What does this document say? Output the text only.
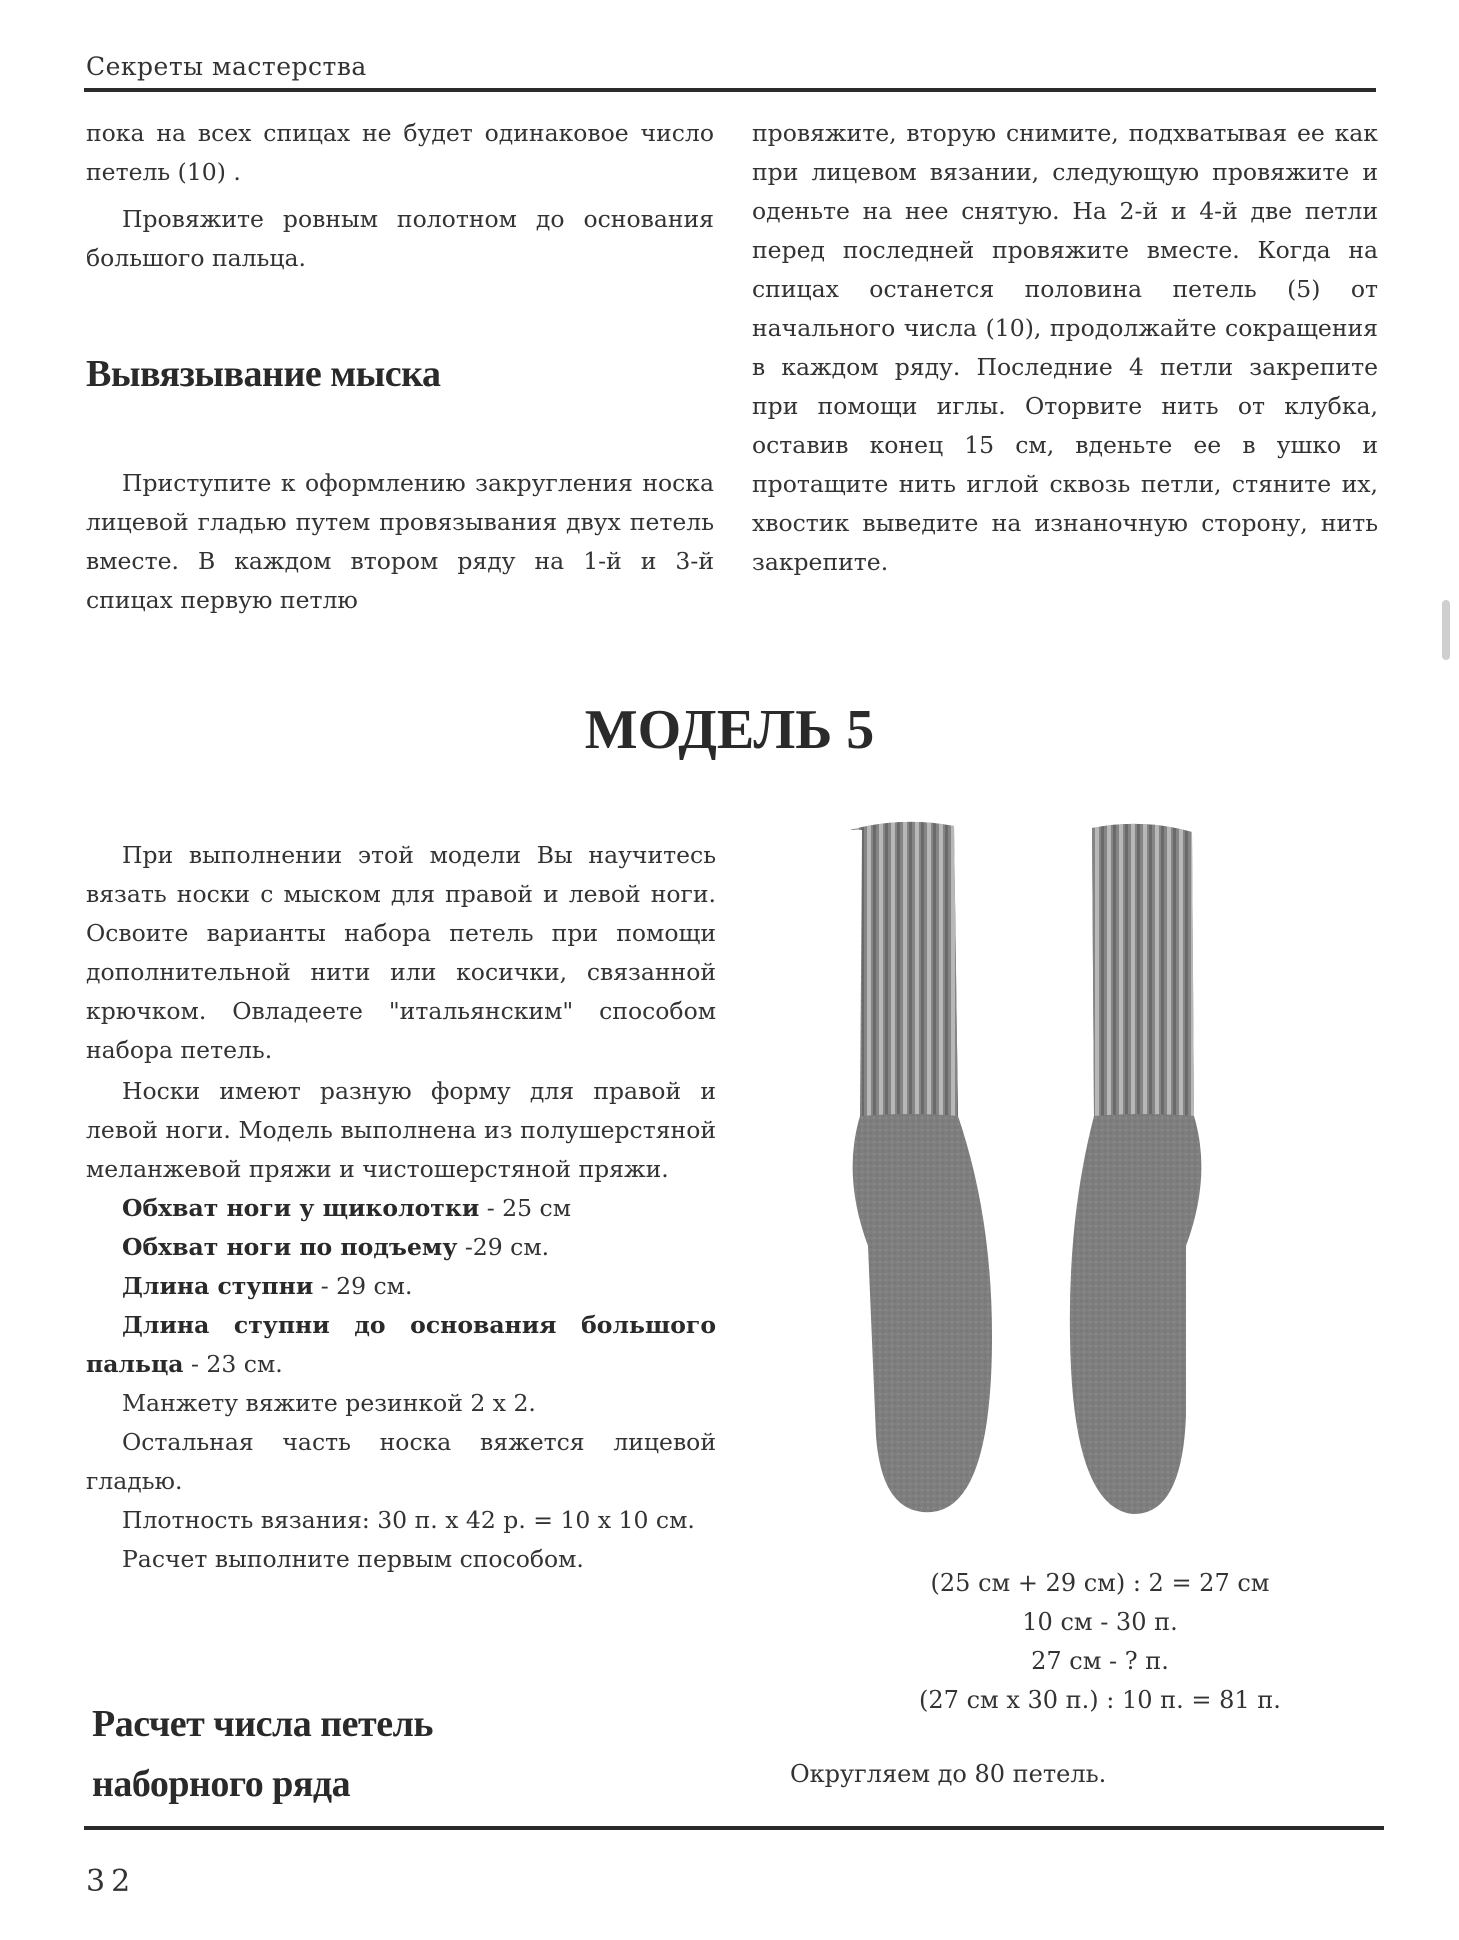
Секреты мастерства

пока на всех спицах не будет одинаковое число петель (10) .

Провяжите ровным полотном до основания большого пальца.

Вывязывание мыска

Приступите к оформлению закругления носка лицевой гладью путем провязывания двух петель вместе. В каждом втором ряду на 1-й и 3-й спицах первую петлю

провяжите, вторую снимите, подхватывая ее как при лицевом вязании, следующую провяжите и оденьте на нее снятую. На 2-й и 4-й две петли перед последней провяжите вместе. Когда на спицах останется половина петель (5) от начального числа (10), продолжайте сокращения в каждом ряду. Последние 4 петли закрепите при помощи иглы. Оторвите нить от клубка, оставив конец 15 см, вденьте ее в ушко и протащите нить иглой сквозь петли, стяните их, хвостик выведите на изнаночную сторону, нить закрепите.

МОДЕЛЬ 5

При выполнении этой модели Вы научитесь вязать носки с мыском для правой и левой ноги. Освоите варианты набора петель при помощи дополнительной нити или косички, связанной крючком. Овладеете "итальянским" способом набора петель.

Носки имеют разную форму для правой и левой ноги. Модель выполнена из полушерстяной меланжевой пряжи и чистошерстяной пряжи.

Обхват ноги у щиколотки - 25 см

Обхват ноги по подъему -29 см.

Длина ступни - 29 см.

Длина ступни до основания большого пальца - 23 см.

Манжету вяжите резинкой 2 х 2.

Остальная часть носка вяжется лицевой гладью.

Плотность вязания: 30 п. х 42 р. = 10 х 10 см.

Расчет выполните первым способом.

Расчет числа петель
наборного ряда

(25 см + 29 см) : 2 = 27 см

10 см - 30 п.

27 см - ? п.

(27 см х 30 п.) : 10 п. = 81 п.

Округляем до 80 петель.
32
